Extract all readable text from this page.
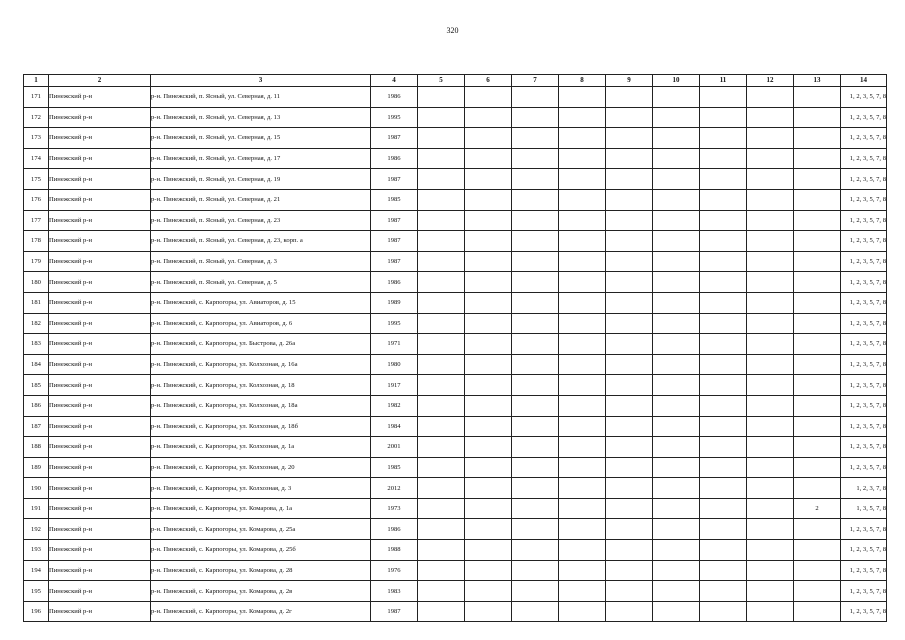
320
1	2	3	4	5	6	7	8	9	10	11	12	13	14
171	Пинежский р-н	р-н. Пинежский, п. Ясный, ул. Северная, д. 11	1986										1, 2, 3, 5, 7, 8
172	Пинежский р-н	р-н. Пинежский, п. Ясный, ул. Северная, д. 13	1995										1, 2, 3, 5, 7, 8
173	Пинежский р-н	р-н. Пинежский, п. Ясный, ул. Северная, д. 15	1987										1, 2, 3, 5, 7, 8
174	Пинежский р-н	р-н. Пинежский, п. Ясный, ул. Северная, д. 17	1986										1, 2, 3, 5, 7, 8
175	Пинежский р-н	р-н. Пинежский, п. Ясный, ул. Северная, д. 19	1987										1, 2, 3, 5, 7, 8
176	Пинежский р-н	р-н. Пинежский, п. Ясный, ул. Северная, д. 21	1985										1, 2, 3, 5, 7, 8
177	Пинежский р-н	р-н. Пинежский, п. Ясный, ул. Северная, д. 23	1987										1, 2, 3, 5, 7, 8
178	Пинежский р-н	р-н. Пинежский, п. Ясный, ул. Северная, д. 23, корп. а	1987										1, 2, 3, 5, 7, 8
179	Пинежский р-н	р-н. Пинежский, п. Ясный, ул. Северная, д. 3	1987										1, 2, 3, 5, 7, 8
180	Пинежский р-н	р-н. Пинежский, п. Ясный, ул. Северная, д. 5	1986										1, 2, 3, 5, 7, 8
181	Пинежский р-н	р-н. Пинежский, с. Карпогоры, ул. Авиаторов, д. 15	1989										1, 2, 3, 5, 7, 8
182	Пинежский р-н	р-н. Пинежский, с. Карпогоры, ул. Авиаторов, д. 6	1995										1, 2, 3, 5, 7, 8
183	Пинежский р-н	р-н. Пинежский, с. Карпогоры, ул. Быстрова, д. 26а	1971										1, 2, 3, 5, 7, 8
184	Пинежский р-н	р-н. Пинежский, с. Карпогоры, ул. Колхозная, д. 16а	1980										1, 2, 3, 5, 7, 8
185	Пинежский р-н	р-н. Пинежский, с. Карпогоры, ул. Колхозная, д. 18	1917										1, 2, 3, 5, 7, 8
186	Пинежский р-н	р-н. Пинежский, с. Карпогоры, ул. Колхозная, д. 18а	1982										1, 2, 3, 5, 7, 8
187	Пинежский р-н	р-н. Пинежский, с. Карпогоры, ул. Колхозная, д. 18б	1984										1, 2, 3, 5, 7, 8
188	Пинежский р-н	р-н. Пинежский, с. Карпогоры, ул. Колхозная, д. 1а	2001										1, 2, 3, 5, 7, 8
189	Пинежский р-н	р-н. Пинежский, с. Карпогоры, ул. Колхозная, д. 20	1985										1, 2, 3, 5, 7, 8
190	Пинежский р-н	р-н. Пинежский, с. Карпогоры, ул. Колхозная, д. 3	2012										1, 2, 3, 7, 8
191	Пинежский р-н	р-н. Пинежский, с. Карпогоры, ул. Комарова, д. 1а	1973									2	1, 3, 5, 7, 8
192	Пинежский р-н	р-н. Пинежский, с. Карпогоры, ул. Комарова, д. 25а	1986										1, 2, 3, 5, 7, 8
193	Пинежский р-н	р-н. Пинежский, с. Карпогоры, ул. Комарова, д. 25б	1988										1, 2, 3, 5, 7, 8
194	Пинежский р-н	р-н. Пинежский, с. Карпогоры, ул. Комарова, д. 28	1976										1, 2, 3, 5, 7, 8
195	Пинежский р-н	р-н. Пинежский, с. Карпогоры, ул. Комарова, д. 2в	1983										1, 2, 3, 5, 7, 8
196	Пинежский р-н	р-н. Пинежский, с. Карпогоры, ул. Комарова, д. 2г	1987										1, 2, 3, 5, 7, 8
